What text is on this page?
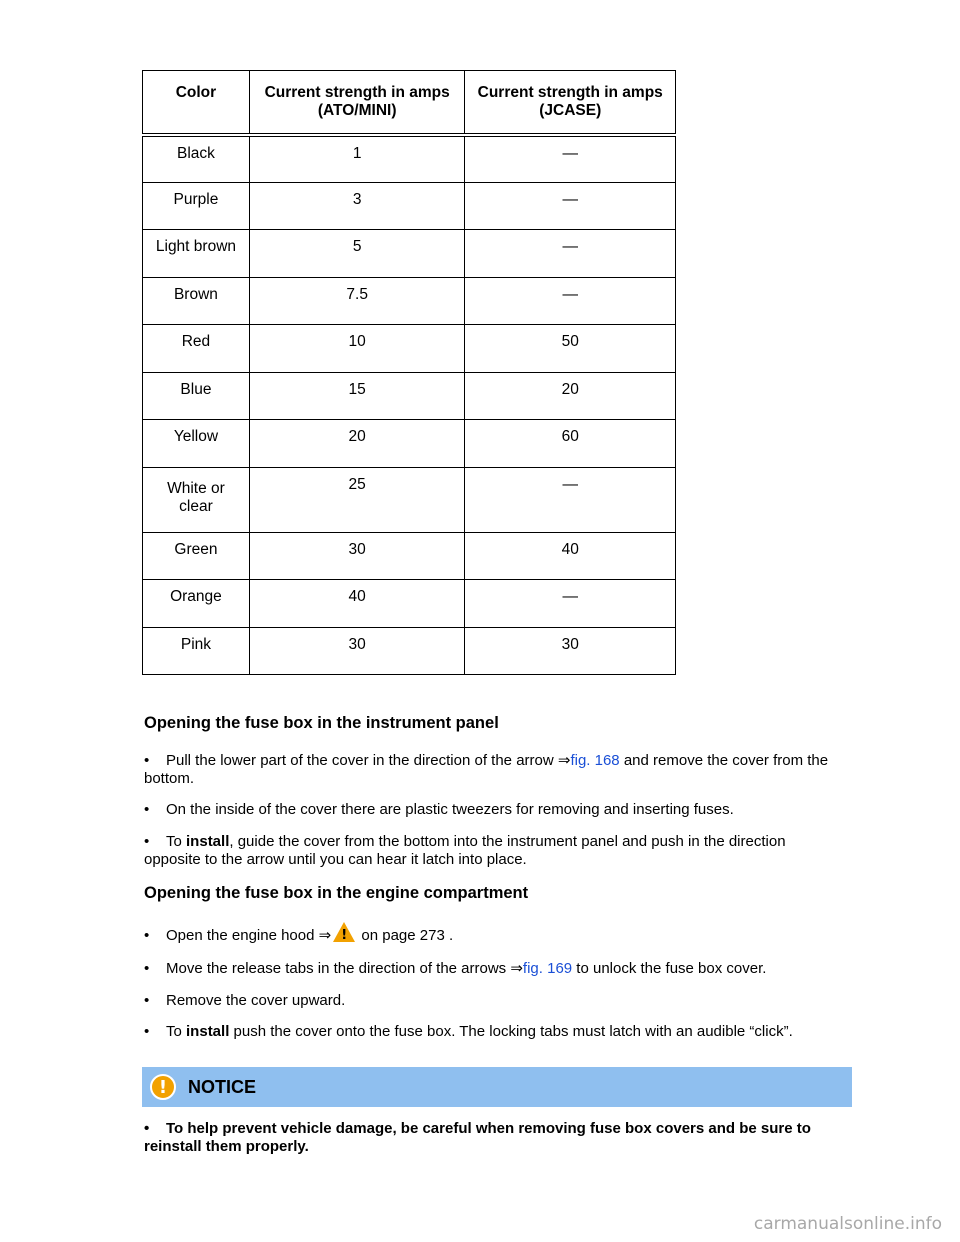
Color	Current strength in amps (ATO/MINI)	Current strength in amps (JCASE)
Black	1	—
Purple	3	—
Light brown	5	—
Brown	7.5	—
Red	10	50
Blue	15	20
Yellow	20	60
White or clear	25	—
Green	30	40
Orange	40	—
Pink	30	30
Opening the fuse box in the instrument panel

• Pull the lower part of the cover in the direction of the arrow ⇒fig. 168 and remove the cover from the bottom.

• On the inside of the cover there are plastic tweezers for removing and inserting fuses.

• To install, guide the cover from the bottom into the instrument panel and push in the direction opposite to the arrow until you can hear it latch into place.

Opening the fuse box in the engine compartment

• Open the engine hood ⇒! on page 273 .

• Move the release tabs in the direction of the arrows ⇒fig. 169 to unlock the fuse box cover.

• Remove the cover upward.

• To install push the cover onto the fuse box. The locking tabs must latch with an audible “click”.

!	NOTICE

• To help prevent vehicle damage, be careful when removing fuse box covers and be sure to reinstall them properly.

carmanualsonline.info
